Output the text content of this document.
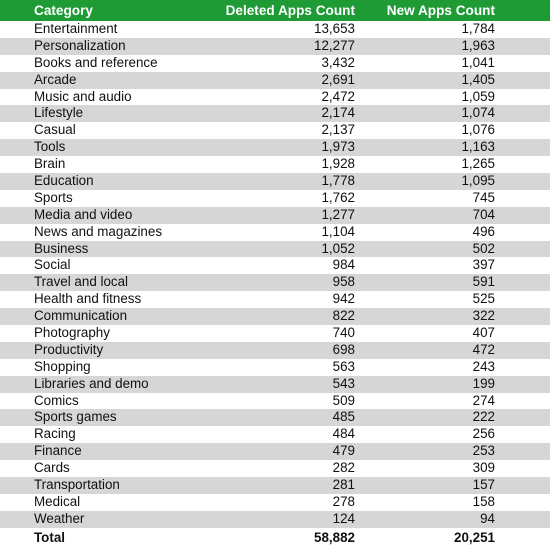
Category	Deleted Apps Count	New Apps Count
Entertainment	13,653	1,784
Personalization	12,277	1,963
Books and reference	3,432	1,041
Arcade	2,691	1,405
Music and audio	2,472	1,059
Lifestyle	2,174	1,074
Casual	2,137	1,076
Tools	1,973	1,163
Brain	1,928	1,265
Education	1,778	1,095
Sports	1,762	745
Media and video	1,277	704
News and magazines	1,104	496
Business	1,052	502
Social	984	397
Travel and local	958	591
Health and fitness	942	525
Communication	822	322
Photography	740	407
Productivity	698	472
Shopping	563	243
Libraries and demo	543	199
Comics	509	274
Sports games	485	222
Racing	484	256
Finance	479	253
Cards	282	309
Transportation	281	157
Medical	278	158
Weather	124	94
Total	58,882	20,251
